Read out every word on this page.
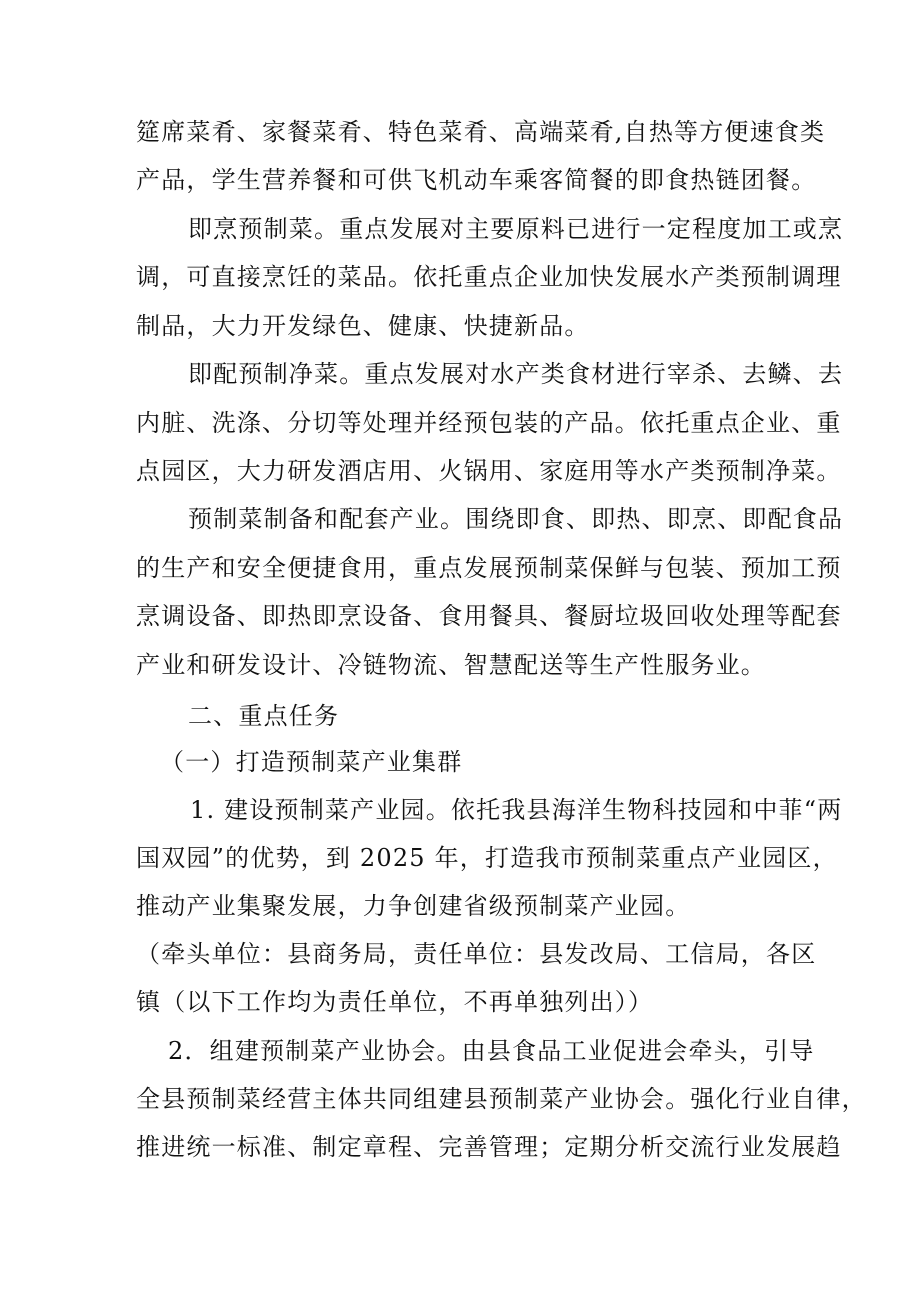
筵席菜肴、家餐菜肴、特色菜肴、高端菜肴,自热等方便速食类
产品，学生营养餐和可供飞机动车乘客简餐的即食热链团餐。
即烹预制菜。重点发展对主要原料已进行一定程度加工或烹
调，可直接烹饪的菜品。依托重点企业加快发展水产类预制调理
制品，大力开发绿色、健康、快捷新品。
即配预制净菜。重点发展对水产类食材进行宰杀、去鳞、去
内脏、洗涤、分切等处理并经预包装的产品。依托重点企业、重
点园区，大力研发酒店用、火锅用、家庭用等水产类预制净菜。
预制菜制备和配套产业。围绕即食、即热、即烹、即配食品
的生产和安全便捷食用，重点发展预制菜保鲜与包装、预加工预
烹调设备、即热即烹设备、食用餐具、餐厨垃圾回收处理等配套
产业和研发设计、冷链物流、智慧配送等生产性服务业。
二、重点任务
（一）打造预制菜产业集群
1. 建设预制菜产业园。依托我县海洋生物科技园和中菲“两
国双园”的优势，到 2025 年，打造我市预制菜重点产业园区，
推动产业集聚发展，力争创建省级预制菜产业园。
（牵头单位：县商务局，责任单位：县发改局、工信局，各区
镇（以下工作均为责任单位，不再单独列出））
2．组建预制菜产业协会。由县食品工业促进会牵头，引导
全县预制菜经营主体共同组建县预制菜产业协会。强化行业自律，
推进统一标准、制定章程、完善管理；定期分析交流行业发展趋
